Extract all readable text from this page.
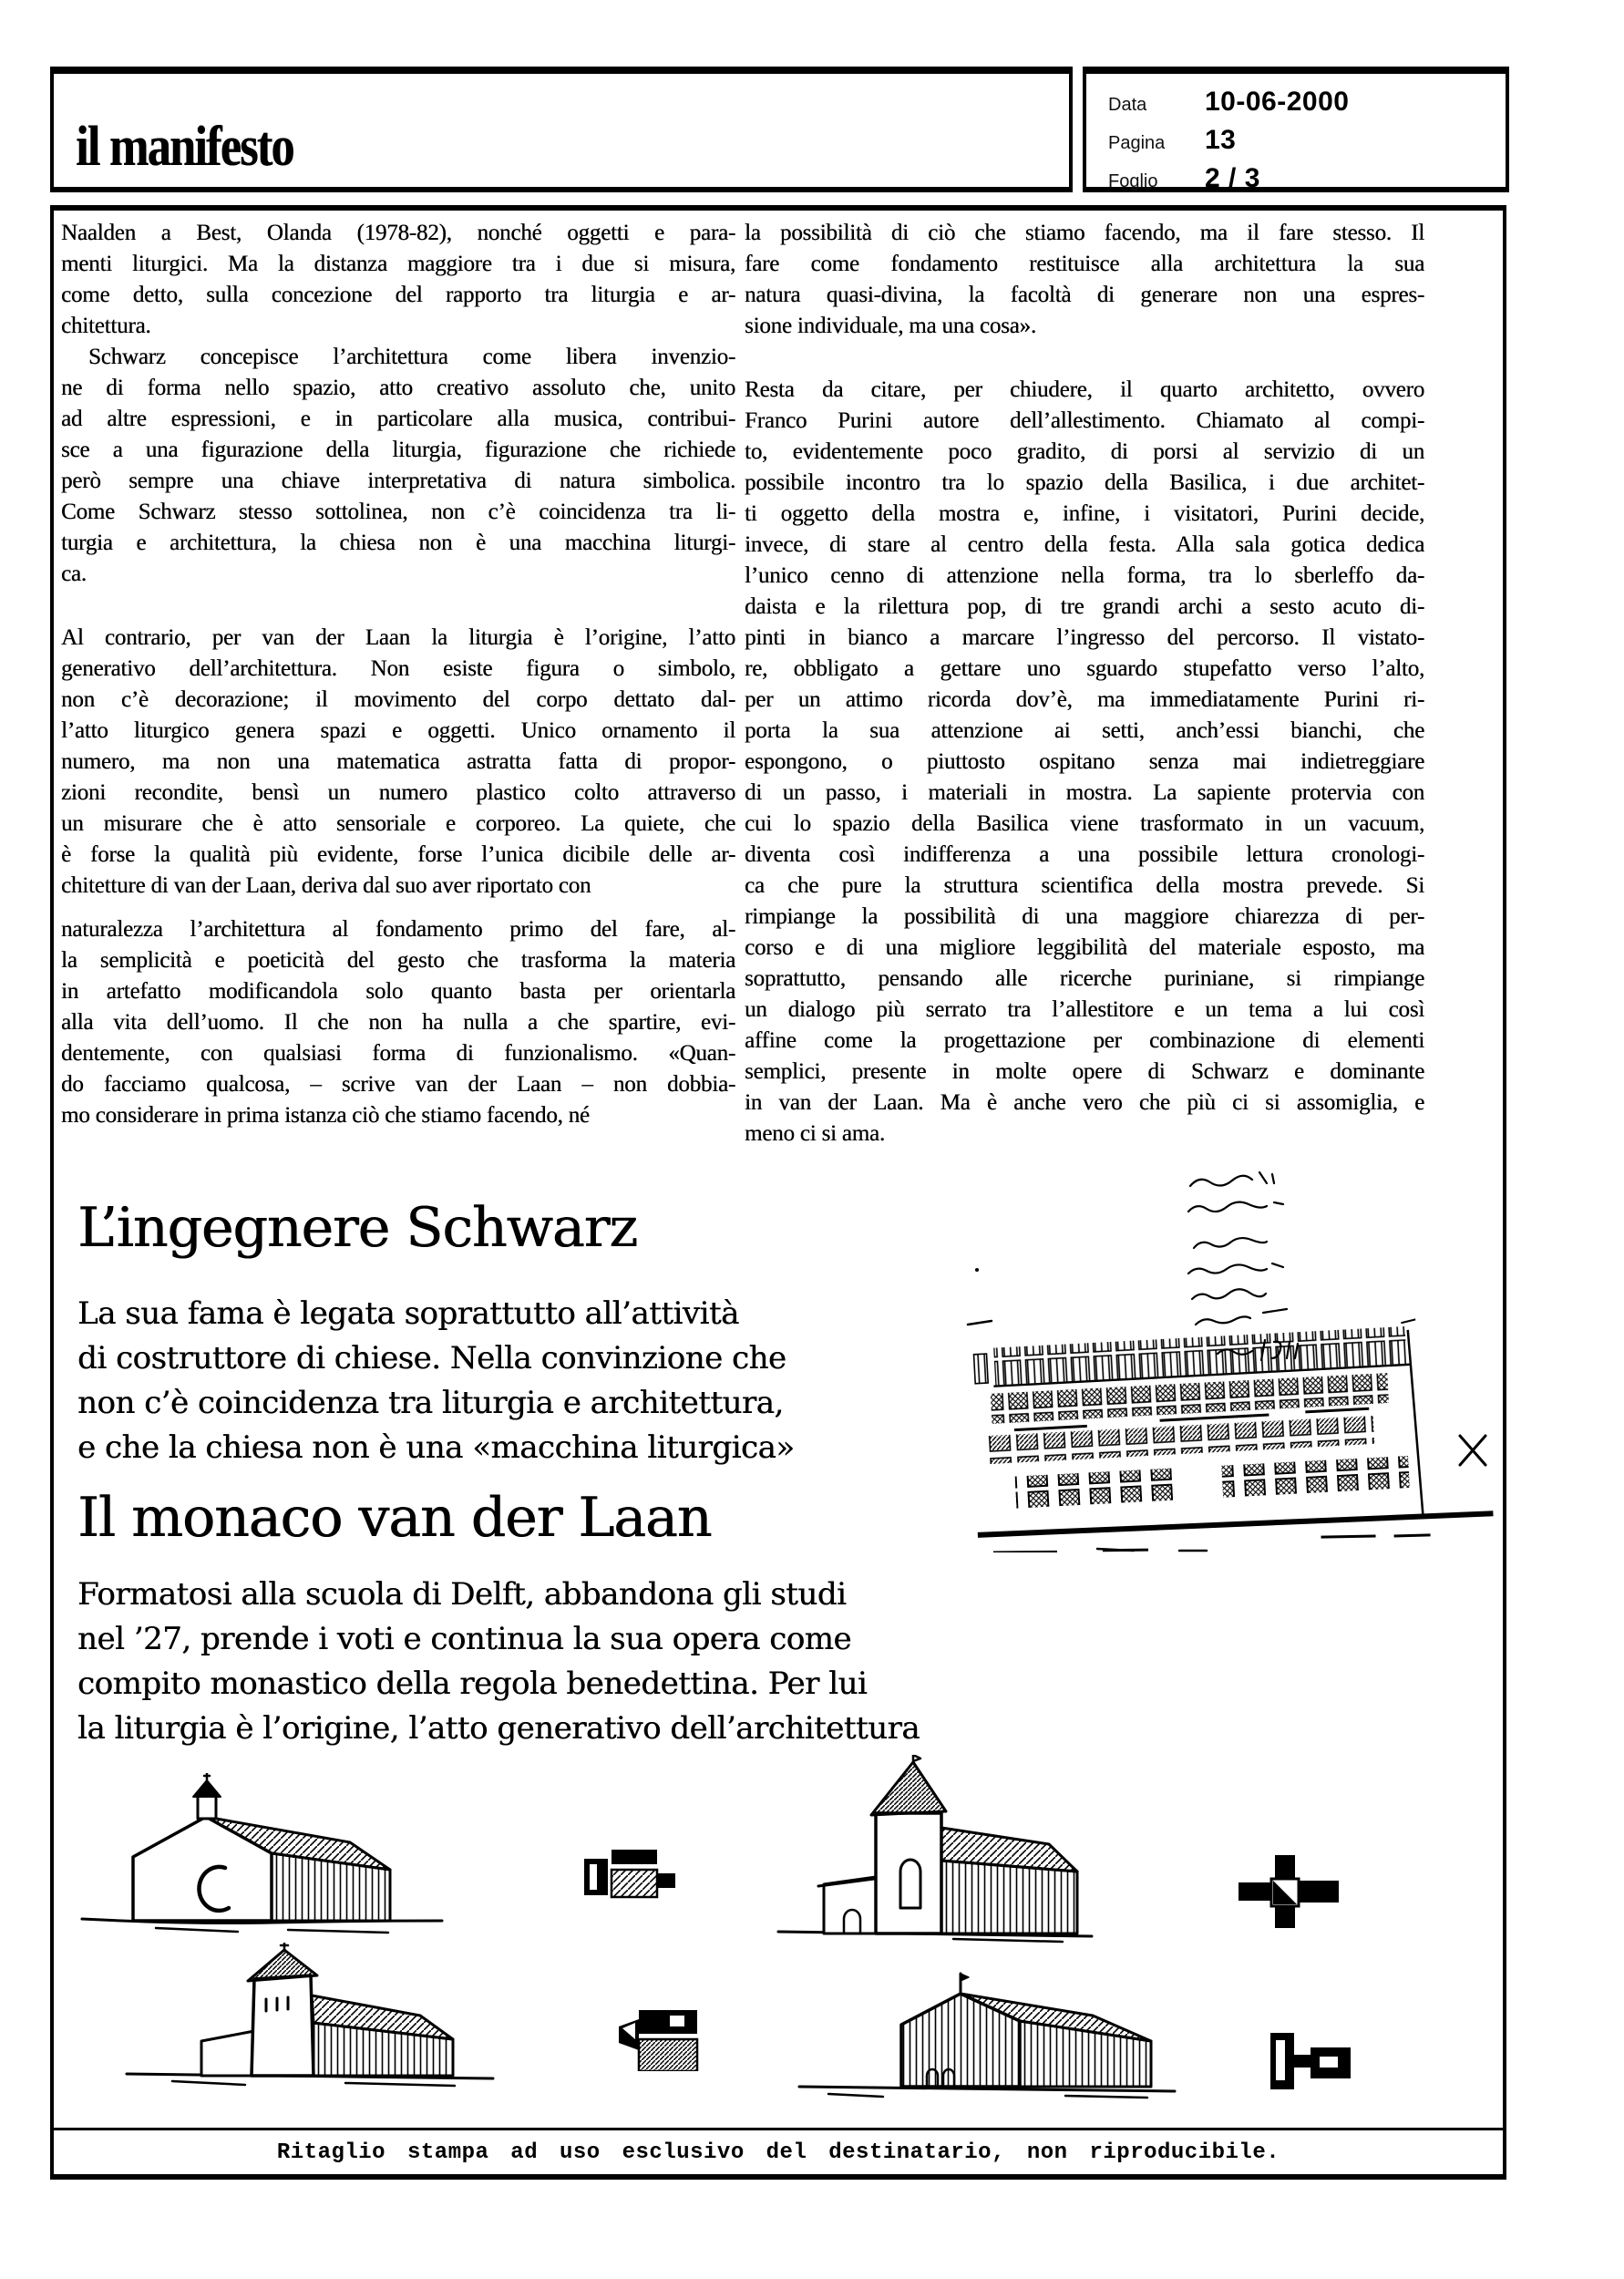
il manifesto
Data	10-06-2000
Pagina	13
Foglio	2 / 3
Naalden a Best, Olanda (1978-82), nonché oggetti e para-
menti liturgici. Ma la distanza maggiore tra i due si misura,
come detto, sulla concezione del rapporto tra liturgia e ar-
chitettura.
Schwarz concepisce l’architettura come libera invenzio-
ne di forma nello spazio, atto creativo assoluto che, unito
ad altre espressioni, e in particolare alla musica, contribui-
sce a una figurazione della liturgia, figurazione che richiede
però sempre una chiave interpretativa di natura simbolica.
Come Schwarz stesso sottolinea, non c’è coincidenza tra li-
turgia e architettura, la chiesa non è una macchina liturgi-
ca.
Al contrario, per van der Laan la liturgia è l’origine, l’atto
generativo dell’architettura. Non esiste figura o simbolo,
non c’è decorazione; il movimento del corpo dettato dal-
l’atto liturgico genera spazi e oggetti. Unico ornamento il
numero, ma non una matematica astratta fatta di propor-
zioni recondite, bensì un numero plastico colto attraverso
un misurare che è atto sensoriale e corporeo. La quiete, che
è forse la qualità più evidente, forse l’unica dicibile delle ar-
chitetture di van der Laan, deriva dal suo aver riportato con
naturalezza l’architettura al fondamento primo del fare, al-
la semplicità e poeticità del gesto che trasforma la materia
in artefatto modificandola solo quanto basta per orientarla
alla vita dell’uomo. Il che non ha nulla a che spartire, evi-
dentemente, con qualsiasi forma di funzionalismo. «Quan-
do facciamo qualcosa, – scrive van der Laan – non dobbia-
mo considerare in prima istanza ciò che stiamo facendo, né
la possibilità di ciò che stiamo facendo, ma il fare stesso. Il
fare come fondamento restituisce alla architettura la sua
natura quasi-divina, la facoltà di generare non una espres-
sione individuale, ma una cosa».
Resta da citare, per chiudere, il quarto architetto, ovvero
Franco Purini autore dell’allestimento. Chiamato al compi-
to, evidentemente poco gradito, di porsi al servizio di un
possibile incontro tra lo spazio della Basilica, i due architet-
ti oggetto della mostra e, infine, i visitatori, Purini decide,
invece, di stare al centro della festa. Alla sala gotica dedica
l’unico cenno di attenzione nella forma, tra lo sberleffo da-
daista e la rilettura pop, di tre grandi archi a sesto acuto di-
pinti in bianco a marcare l’ingresso del percorso. Il vistato-
re, obbligato a gettare uno sguardo stupefatto verso l’alto,
per un attimo ricorda dov’è, ma immediatamente Purini ri-
porta la sua attenzione ai setti, anch’essi bianchi, che
espongono, o piuttosto ospitano senza mai indietreggiare
di un passo, i materiali in mostra. La sapiente protervia con
cui lo spazio della Basilica viene trasformato in un vacuum,
diventa così indifferenza a una possibile lettura cronologi-
ca che pure la struttura scientifica della mostra prevede. Si
rimpiange la possibilità di una maggiore chiarezza di per-
corso e di una migliore leggibilità del materiale esposto, ma
soprattutto, pensando alle ricerche puriniane, si rimpiange
un dialogo più serrato tra l’allestitore e un tema a lui così
affine come la progettazione per combinazione di elementi
semplici, presente in molte opere di Schwarz e dominante
in van der Laan. Ma è anche vero che più ci si assomiglia, e
meno ci si ama.
L’ingegnere Schwarz
La sua fama è legata soprattutto all’attività
di costruttore di chiese. Nella convinzione che
non c’è coincidenza tra liturgia e architettura,
e che la chiesa non è una «macchina liturgica»
Il monaco van der Laan
Formatosi alla scuola di Delft, abbandona gli studi
nel ’27, prende i voti e continua la sua opera come
compito monastico della regola benedettina. Per lui
la liturgia è l’origine, l’atto generativo dell’architettura
Ritaglio stampa ad uso esclusivo del destinatario, non riproducibile.
